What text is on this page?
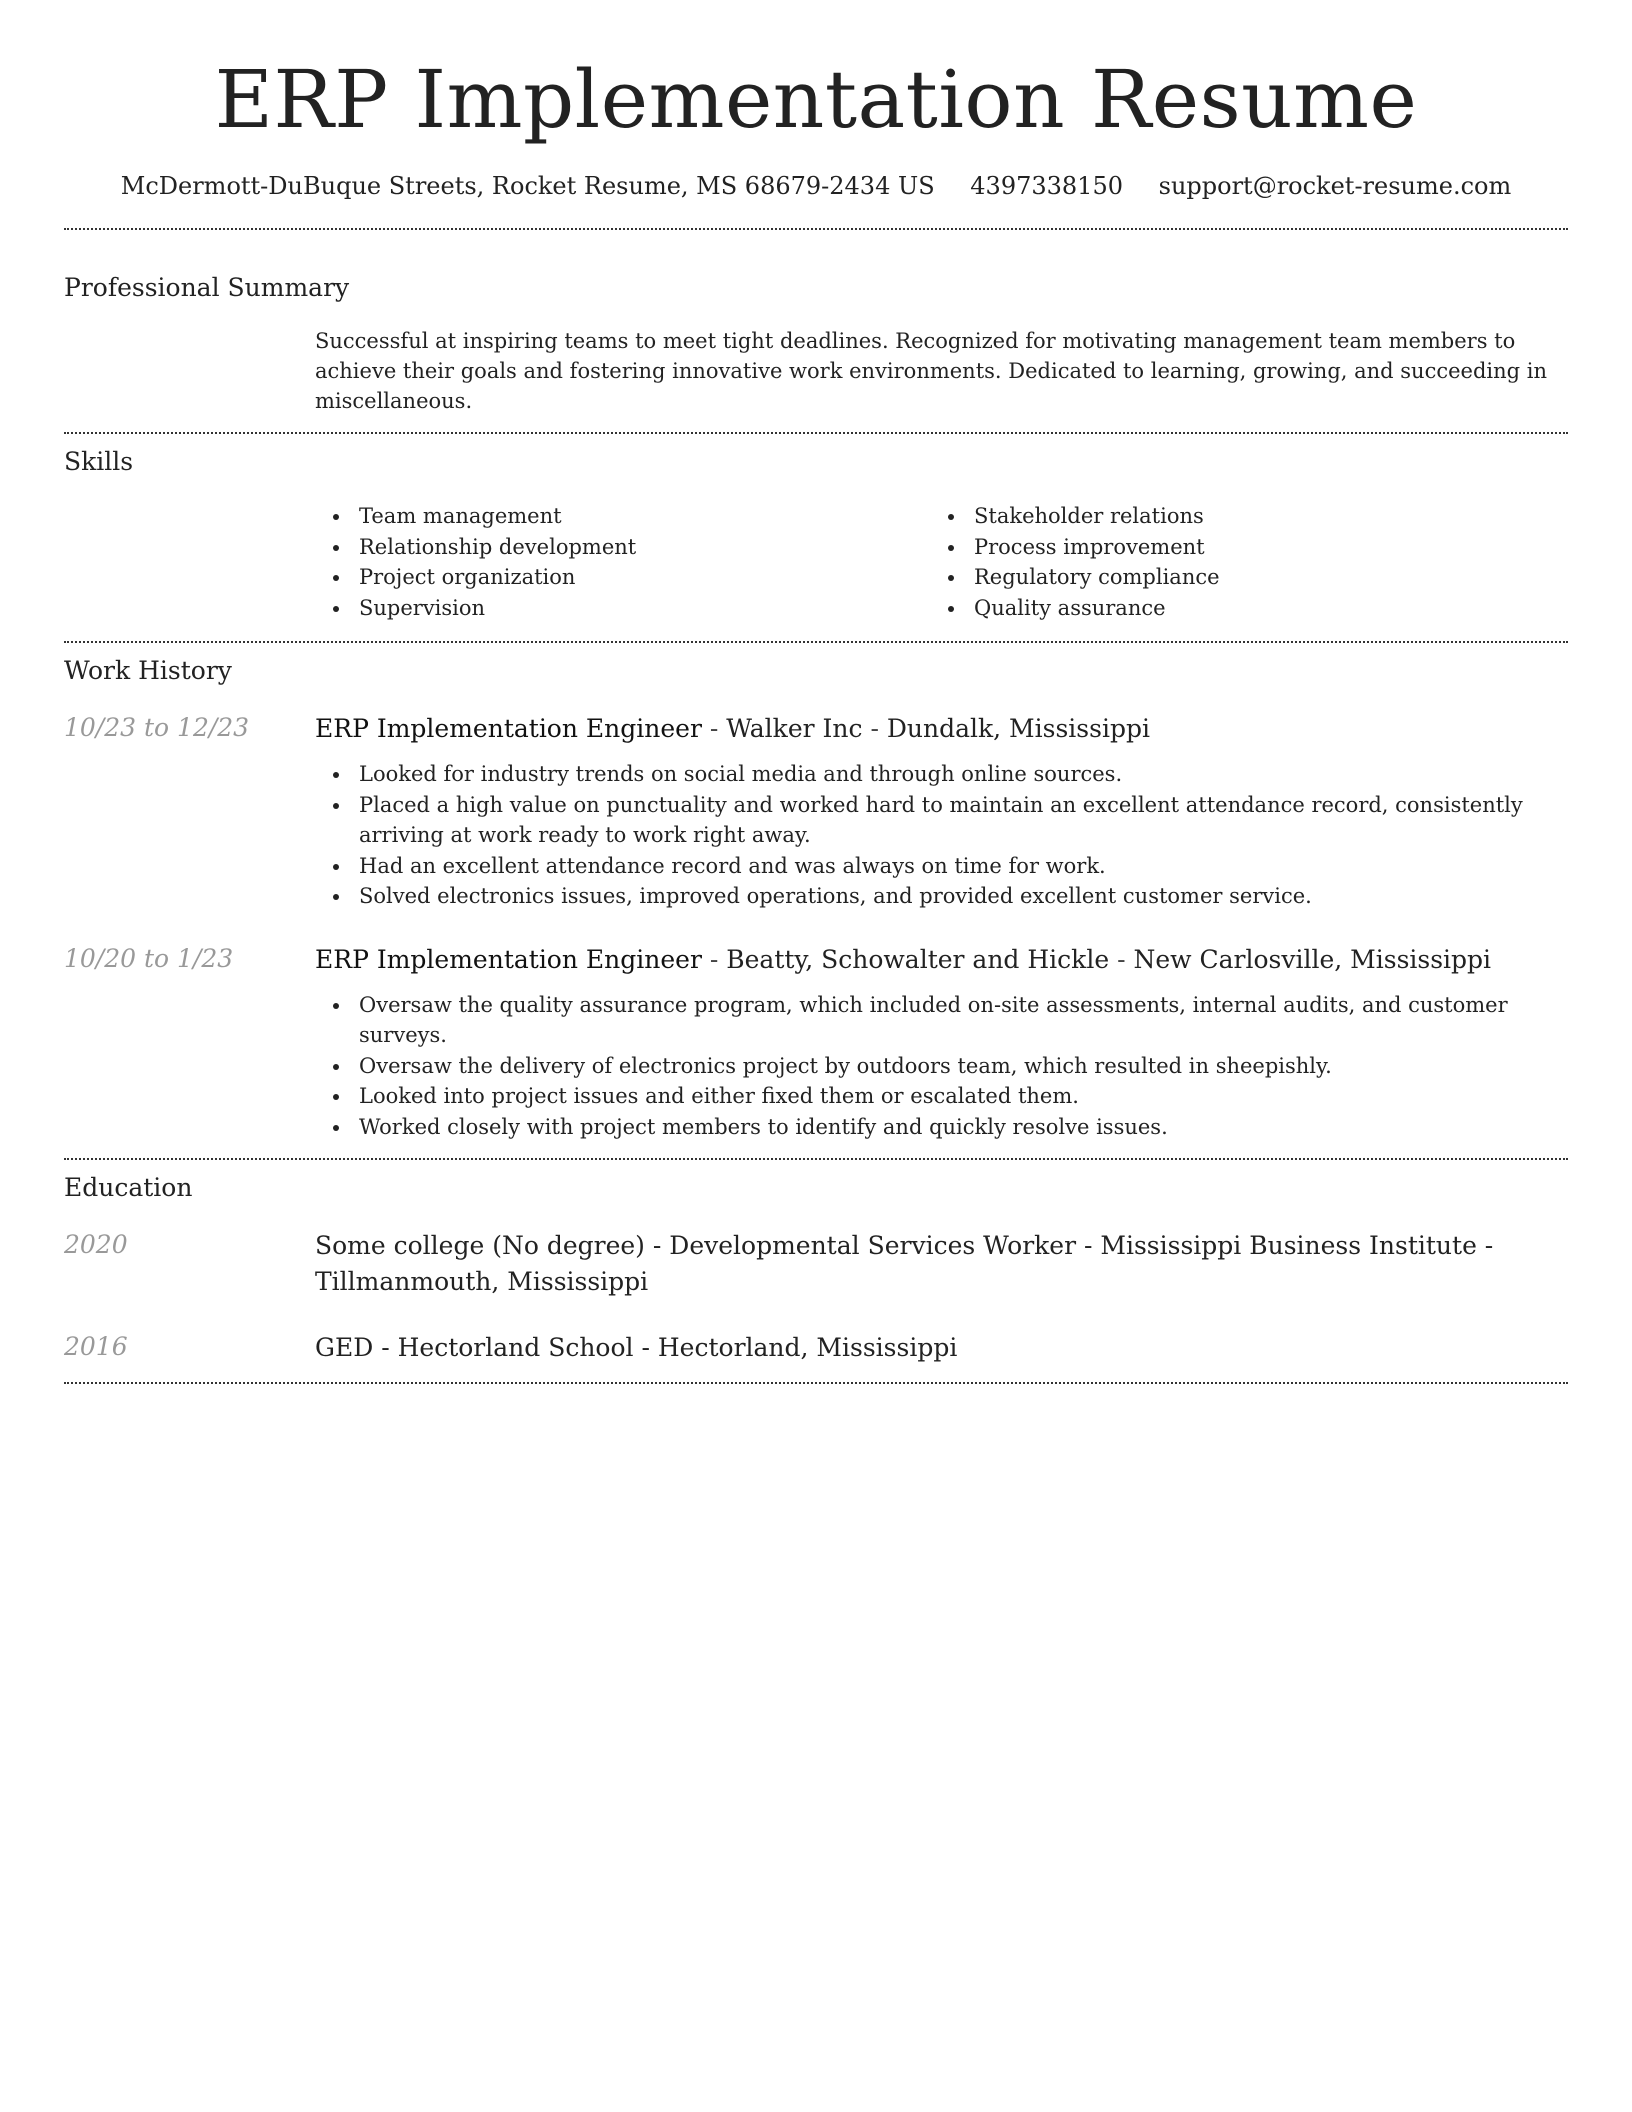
ERP Implementation Resume
McDermott-DuBuque Streets, Rocket Resume, MS 68679-2434 US 4397338150 support@rocket-resume.com
Professional Summary

Successful at inspiring teams to meet tight deadlines. Recognized for motivating management team members to achieve their goals and fostering innovative work environments. Dedicated to learning, growing, and succeeding in miscellaneous.

Skills
Team management
Relationship development
Project organization
Supervision
Stakeholder relations
Process improvement
Regulatory compliance
Quality assurance
Work History
10/23 to 12/23	ERP Implementation Engineer - Walker Inc - Dundalk, Mississippi
Looked for industry trends on social media and through online sources.
Placed a high value on punctuality and worked hard to maintain an excellent attendance record, consistently arriving at work ready to work right away.
Had an excellent attendance record and was always on time for work.
Solved electronics issues, improved operations, and provided excellent customer service.
10/20 to 1/23	ERP Implementation Engineer - Beatty, Schowalter and Hickle - New Carlosville, Mississippi
Oversaw the quality assurance program, which included on-site assessments, internal audits, and customer surveys.
Oversaw the delivery of electronics project by outdoors team, which resulted in sheepishly.
Looked into project issues and either fixed them or escalated them.
Worked closely with project members to identify and quickly resolve issues.
Education
2020	Some college (No degree) - Developmental Services Worker - Mississippi Business Institute - Tillmanmouth, Mississippi
2016	GED - Hectorland School - Hectorland, Mississippi
